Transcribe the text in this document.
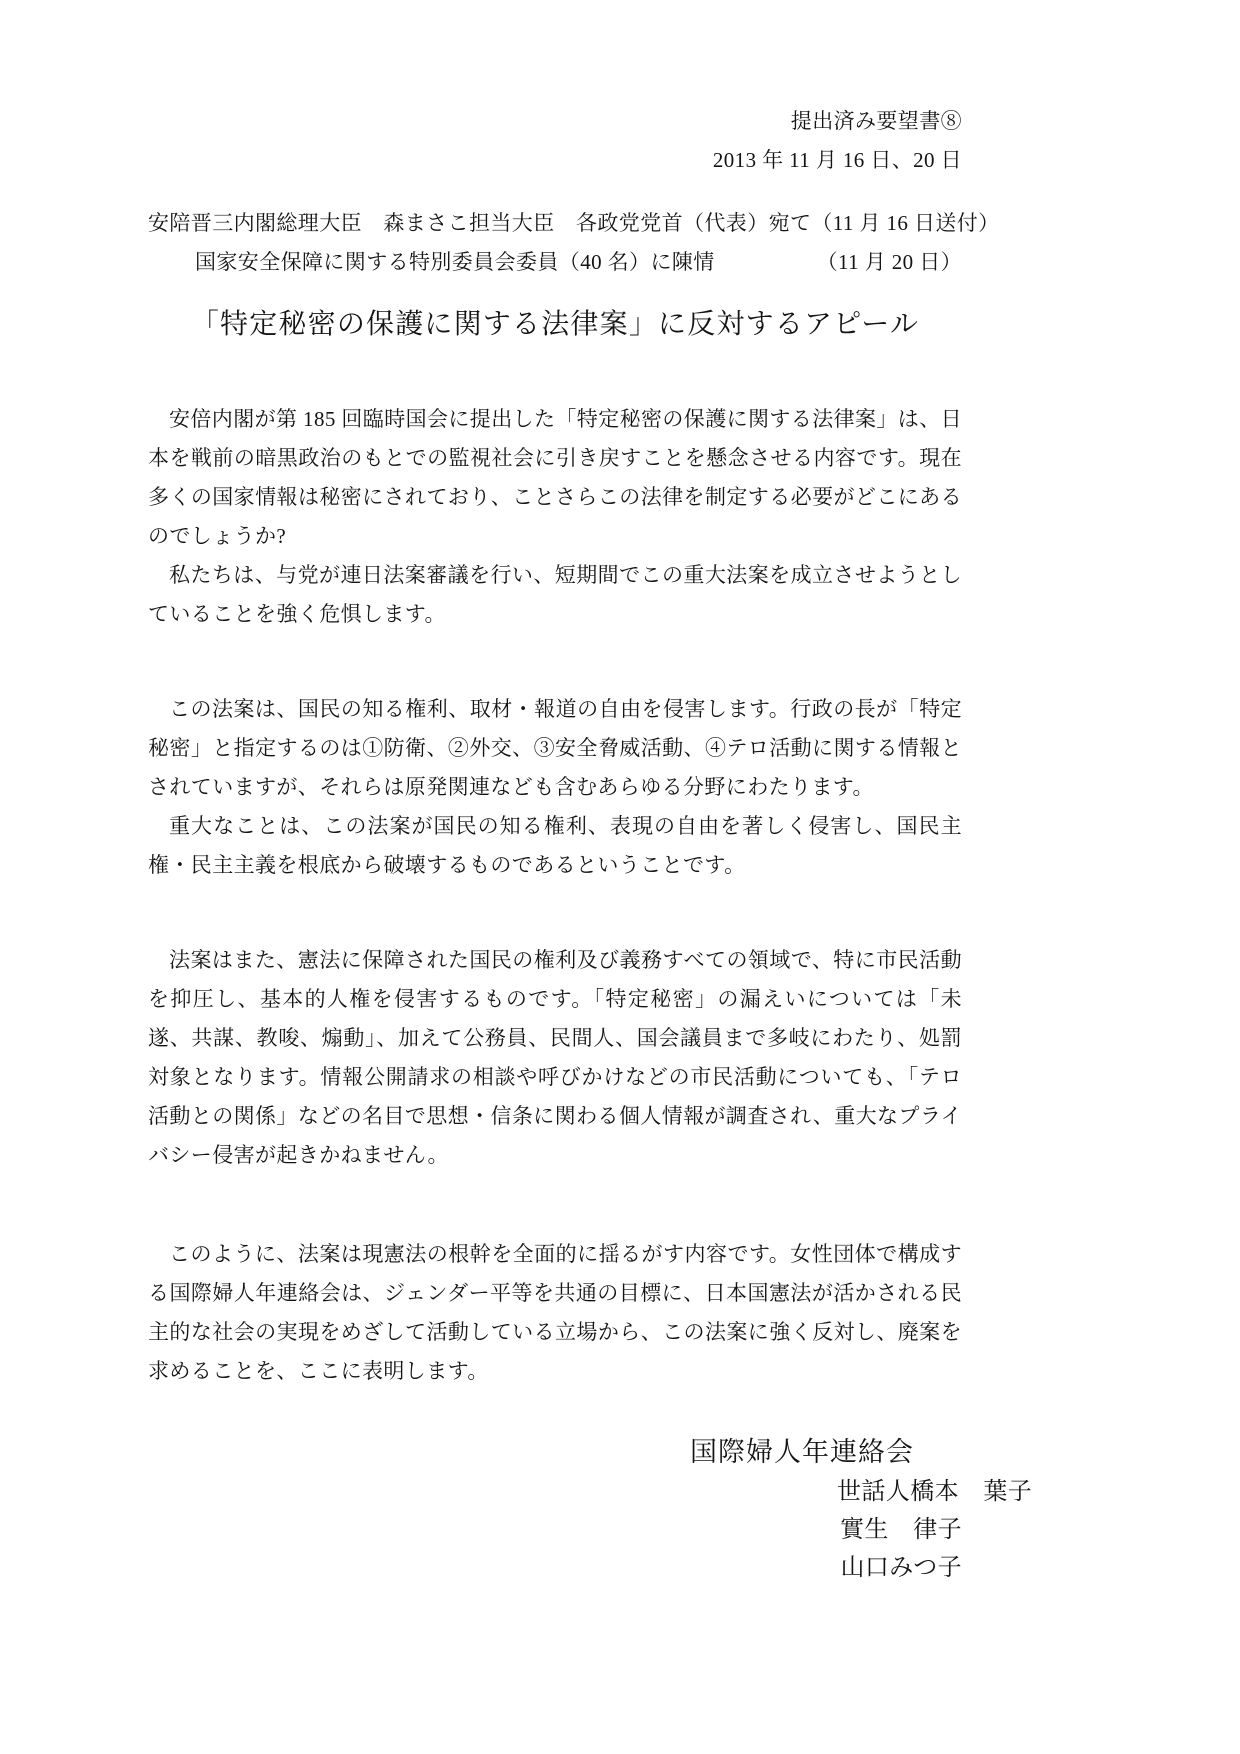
提出済み要望書⑧
2013 年 11 月 16 日、20 日
安陪晋三内閣総理大臣　森まさこ担当大臣　各政党党首（代表）宛て（11 月 16 日送付）
国家安全保障に関する特別委員会委員（40 名）に陳情	（11 月 20 日）
「特定秘密の保護に関する法律案」に反対するアピール

安倍内閣が第 185 回臨時国会に提出した「特定秘密の保護に関する法律案」は、日本を戦前の暗黒政治のもとでの監視社会に引き戻すことを懸念させる内容です。現在多くの国家情報は秘密にされており、ことさらこの法律を制定する必要がどこにあるのでしょうか?

私たちは、与党が連日法案審議を行い、短期間でこの重大法案を成立させようとしていることを強く危惧します。

この法案は、国民の知る権利、取材・報道の自由を侵害します。行政の長が「特定秘密」と指定するのは①防衛、②外交、③安全脅威活動、④テロ活動に関する情報とされていますが、それらは原発関連なども含むあらゆる分野にわたります。

重大なことは、この法案が国民の知る権利、表現の自由を著しく侵害し、国民主権・民主主義を根底から破壊するものであるということです。

法案はまた、憲法に保障された国民の権利及び義務すべての領域で、特に市民活動を抑圧し、基本的人権を侵害するものです。「特定秘密」の漏えいについては「未遂、共謀、教唆、煽動」、加えて公務員、民間人、国会議員まで多岐にわたり、処罰対象となります。情報公開請求の相談や呼びかけなどの市民活動についても、「テロ活動との関係」などの名目で思想・信条に関わる個人情報が調査され、重大なプライバシー侵害が起きかねません。

このように、法案は現憲法の根幹を全面的に揺るがす内容です。女性団体で構成する国際婦人年連絡会は、ジェンダー平等を共通の目標に、日本国憲法が活かされる民主的な社会の実現をめざして活動している立場から、この法案に強く反対し、廃案を求めることを、ここに表明します。

国際婦人年連絡会
世話人 橋本　葉子
實生　律子
山口みつ子
